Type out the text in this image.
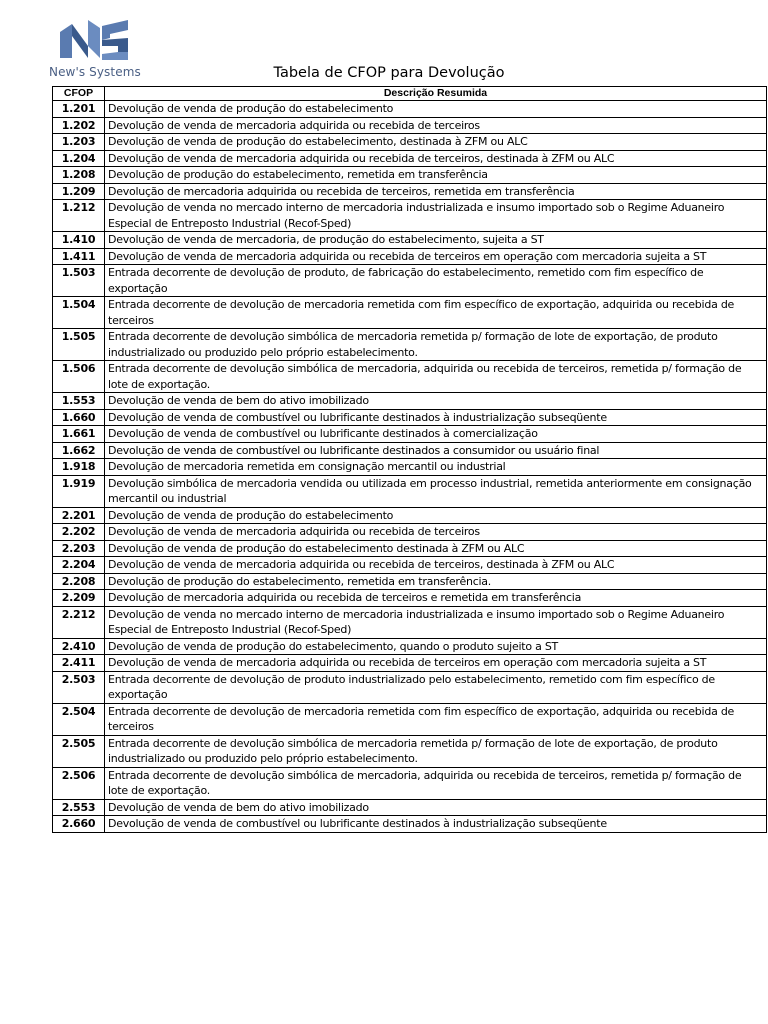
New's Systems	Tabela de CFOP para Devolução
CFOP	Descrição Resumida
1.201	Devolução de venda de produção do estabelecimento
1.202	Devolução de venda de mercadoria adquirida ou recebida de terceiros
1.203	Devolução de venda de produção do estabelecimento, destinada à ZFM ou ALC
1.204	Devolução de venda de mercadoria adquirida ou recebida de terceiros, destinada à ZFM ou ALC
1.208	Devolução de produção do estabelecimento, remetida em transferência
1.209	Devolução de mercadoria adquirida ou recebida de terceiros, remetida em transferência
1.212	Devolução de venda no mercado interno de mercadoria industrializada e insumo importado sob o Regime Aduaneiro Especial de Entreposto Industrial (Recof-Sped)
1.410	Devolução de venda de mercadoria, de produção do estabelecimento, sujeita a ST
1.411	Devolução de venda de mercadoria adquirida ou recebida de terceiros em operação com mercadoria sujeita a ST
1.503	Entrada decorrente de devolução de produto, de fabricação do estabelecimento, remetido com fim específico de exportação
1.504	Entrada decorrente de devolução de mercadoria remetida com fim específico de exportação, adquirida ou recebida de terceiros
1.505	Entrada decorrente de devolução simbólica de mercadoria remetida p/ formação de lote de exportação, de produto industrializado ou produzido pelo próprio estabelecimento.
1.506	Entrada decorrente de devolução simbólica de mercadoria, adquirida ou recebida de terceiros, remetida p/ formação de lote de exportação.
1.553	Devolução de venda de bem do ativo imobilizado
1.660	Devolução de venda de combustível ou lubrificante destinados à industrialização subseqüente
1.661	Devolução de venda de combustível ou lubrificante destinados à comercialização
1.662	Devolução de venda de combustível ou lubrificante destinados a consumidor ou usuário final
1.918	Devolução de mercadoria remetida em consignação mercantil ou industrial
1.919	Devolução simbólica de mercadoria vendida ou utilizada em processo industrial, remetida anteriormente em consignação mercantil ou industrial
2.201	Devolução de venda de produção do estabelecimento
2.202	Devolução de venda de mercadoria adquirida ou recebida de terceiros
2.203	Devolução de venda de produção do estabelecimento destinada à ZFM ou ALC
2.204	Devolução de venda de mercadoria adquirida ou recebida de terceiros, destinada à ZFM ou ALC
2.208	Devolução de produção do estabelecimento, remetida em transferência.
2.209	Devolução de mercadoria adquirida ou recebida de terceiros e remetida em transferência
2.212	Devolução de venda no mercado interno de mercadoria industrializada e insumo importado sob o Regime Aduaneiro Especial de Entreposto Industrial (Recof-Sped)
2.410	Devolução de venda de produção do estabelecimento, quando o produto sujeito a ST
2.411	Devolução de venda de mercadoria adquirida ou recebida de terceiros em operação com mercadoria sujeita a ST
2.503	Entrada decorrente de devolução de produto industrializado pelo estabelecimento, remetido com fim específico de exportação
2.504	Entrada decorrente de devolução de mercadoria remetida com fim específico de exportação, adquirida ou recebida de terceiros
2.505	Entrada decorrente de devolução simbólica de mercadoria remetida p/ formação de lote de exportação, de produto industrializado ou produzido pelo próprio estabelecimento.
2.506	Entrada decorrente de devolução simbólica de mercadoria, adquirida ou recebida de terceiros, remetida p/ formação de lote de exportação.
2.553	Devolução de venda de bem do ativo imobilizado
2.660	Devolução de venda de combustível ou lubrificante destinados à industrialização subseqüente
